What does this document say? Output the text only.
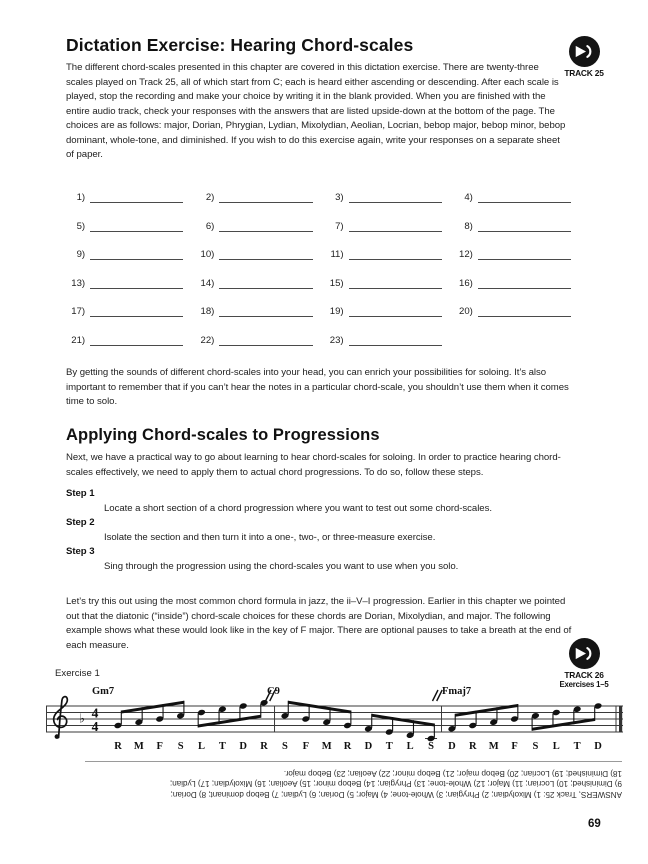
Dictation Exercise: Hearing Chord-scales
TRACK 25
The different chord-scales presented in this chapter are covered in this dictation exercise. There are twenty-three scales played on Track 25, all of which start from C; each is heard either ascending or descending. After each scale is played, stop the recording and make your choice by writing it in the blank provided. When you are finished with the entire audio track, check your responses with the answers that are listed upside-down at the bottom of the page. The choices are as follows: major, Dorian, Phrygian, Lydian, Mixolydian, Aeolian, Locrian, bebop major, bebop minor, bebop dominant, whole-tone, and diminished. If you wish to do this exercise again, write your responses on a separate sheet of paper.
1)	2)	3)	4)
5)	6)	7)	8)
9)	10)	11)	12)
13)	14)	15)	16)
17)	18)	19)	20)
21)	22)	23)
By getting the sounds of different chord-scales into your head, you can enrich your possibilities for soloing. It’s also important to remember that if you can’t hear the notes in a particular chord-scale, you shouldn’t use them when it comes time to solo.
Applying Chord-scales to Progressions
Next, we have a practical way to go about learning to hear chord-scales for soloing. In order to practice hearing chord-scales effectively, we need to apply them to actual chord progressions. To do so, follow these steps.
Step 1
Locate a short section of a chord progression where you want to test out some chord-scales.
Step 2
Isolate the section and then turn it into a one-, two-, or three-measure exercise.
Step 3
Sing through the progression using the chord-scales you want to use when you solo.
Let’s try this out using the most common chord formula in jazz, the ii–V–I progression. Earlier in this chapter we pointed out that the diatonic (“inside”) chord-scale choices for these chords are Dorian, Mixolydian, and major. The following example shows what these would look like in the key of F major. There are optional pauses to take a breath at the end of each measure.
TRACK 26
Exercises 1–5
Exercise 1
♭ 4
4
Gm7
R M F S L T D R
C9
S F M R D T L S
Fmaj7
D R M F S L T D
ANSWERS, Track 25: 1) Mixolydian; 2) Phrygian; 3) Whole-tone; 4) Major; 5) Dorian; 6) Lydian; 7) Bebop dominant; 8) Dorian;
9) Diminished; 10) Locrian; 11) Major; 12) Whole-tone; 13) Phrygian; 14) Bebop minor; 15) Aeolian; 16) Mixolydian; 17) Lydian;
18) Diminished; 19) Locrian; 20) Bebop major; 21) Bebop minor; 22) Aeolian; 23) Bebop major.
69
